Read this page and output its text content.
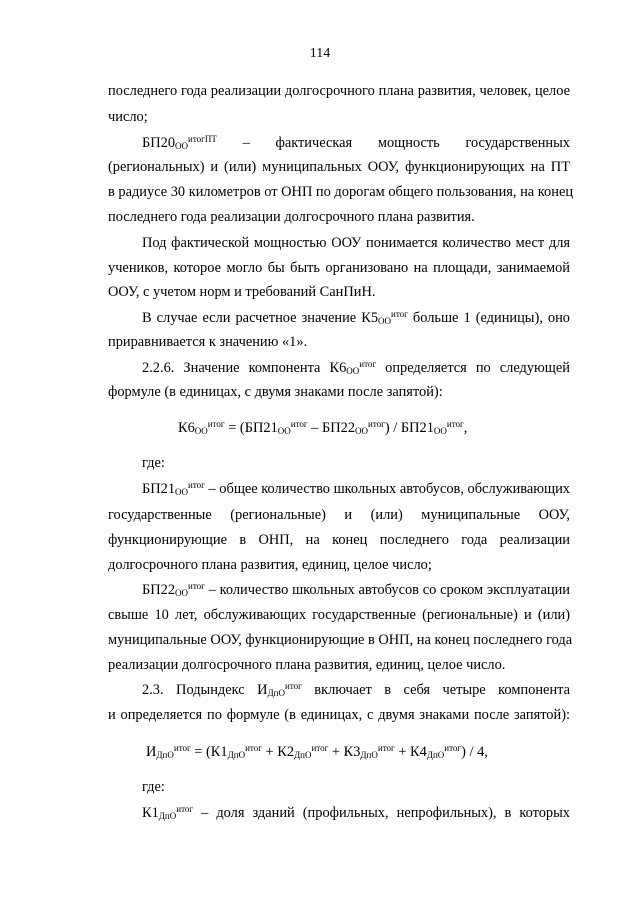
114
последнего года реализации долгосрочного плана развития, человек, целое
число;
$БП20_{ОО}^{итогПТ}$ – фактическая мощность государственных
(региональных) и (или) муниципальных ООУ, функционирующих на ПТ
в радиусе 30 километров от ОНП по дорогам общего пользования, на конец
последнего года реализации долгосрочного плана развития.
Под фактической мощностью ООУ понимается количество мест для
учеников, которое могло бы быть организовано на площади, занимаемой
ООУ, с учетом норм и требований СанПиН.
В случае если расчетное значение $К5_{ОО}^{итог}$ больше 1 (единицы), оно
приравнивается к значению «1».
2.2.6. Значение компонента $К6_{ОО}^{итог}$ определяется по следующей
формуле (в единицах, с двумя знаками после запятой):
$К6_{ОО}^{итог} = (БП21_{ОО}^{итог} - БП22_{ОО}^{итог}) / БП21_{ОО}^{итог}$,
где:
$БП21_{ОО}^{итог}$ – общее количество школьных автобусов, обслуживающих
государственные (региональные) и (или) муниципальные ООУ,
функционирующие в ОНП, на конец последнего года реализации
долгосрочного плана развития, единиц, целое число;
$БП22_{ОО}^{итог}$ – количество школьных автобусов со сроком эксплуатации
свыше 10 лет, обслуживающих государственные (региональные) и (или)
муниципальные ООУ, функционирующие в ОНП, на конец последнего года
реализации долгосрочного плана развития, единиц, целое число.
2.3. Подындекс $И_{ДпО}^{итог}$ включает в себя четыре компонента
и определяется по формуле (в единицах, с двумя знаками после запятой):
$И_{ДпО}^{итог} = (К1_{ДпО}^{итог} + К2_{ДпО}^{итог} + К3_{ДпО}^{итог} + К4_{ДпО}^{итог}) / 4$,
где:
$К1_{ДпО}^{итог}$ – доля зданий (профильных, непрофильных), в которых
